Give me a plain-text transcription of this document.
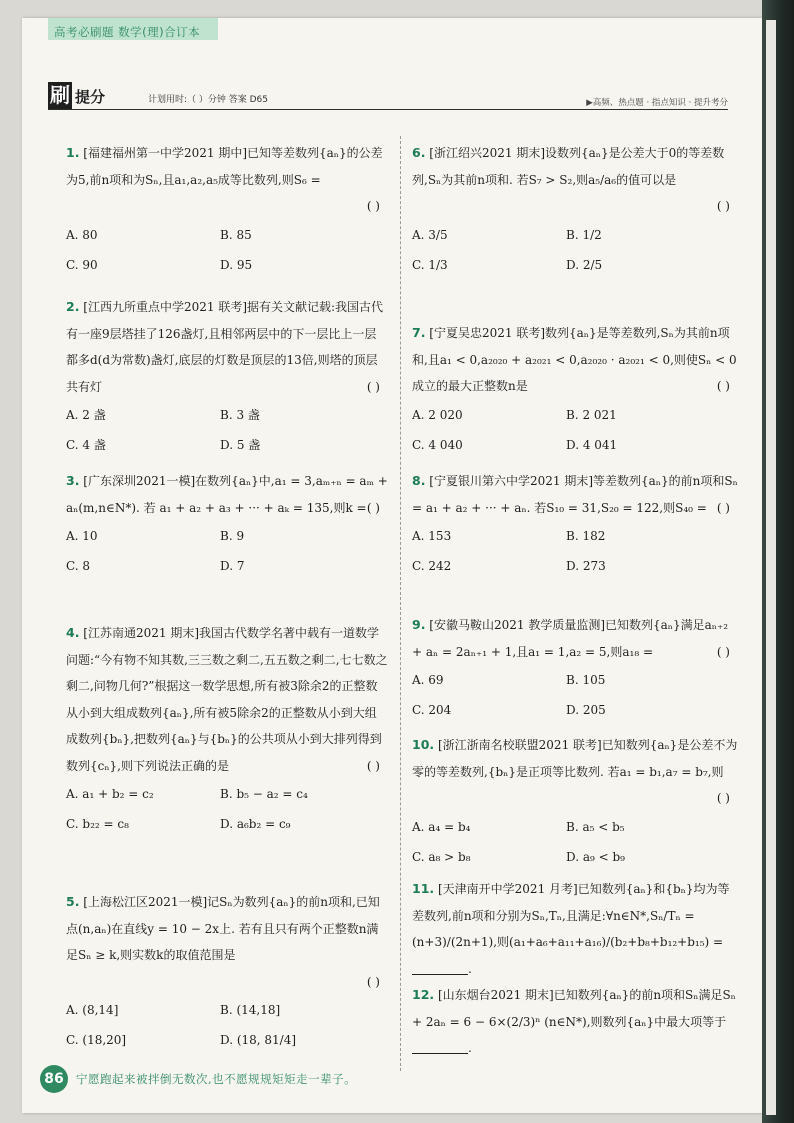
高考必刷题 数学(理)合订本
刷 提分	计划用时:（ ）分钟 答案 D65	▶高频、热点题 · 指点知识 · 提升考分
1. [福建福州第一中学2021 期中]已知等差数列{aₙ}的公差为5,前n项和为Sₙ,且a₁,a₂,a₅成等比数列,则S₆ =
( )
A. 80	B. 85
C. 90	D. 95
2. [江西九所重点中学2021 联考]据有关文献记载:我国古代有一座9层塔挂了126盏灯,且相邻两层中的下一层比上一层都多d(d为常数)盏灯,底层的灯数是顶层的13倍,则塔的顶层共有灯	( )
A. 2 盏	B. 3 盏
C. 4 盏	D. 5 盏
3. [广东深圳2021一模]在数列{aₙ}中,a₁ = 3,aₘ₊ₙ = aₘ + aₙ(m,n∈N*). 若 a₁ + a₂ + a₃ + ··· + aₖ = 135,则k = ( )
A. 10	B. 9
C. 8	D. 7
4. [江苏南通2021 期末]我国古代数学名著中载有一道数学问题:“今有物不知其数,三三数之剩二,五五数之剩二,七七数之剩二,问物几何?”根据这一数学思想,所有被3除余2的正整数从小到大组成数列{aₙ},所有被5除余2的正整数从小到大组成数列{bₙ},把数列{aₙ}与{bₙ}的公共项从小到大排列得到数列{cₙ},则下列说法正确的是	( )
A. a₁ + b₂ = c₂	B. b₅ − a₂ = c₄
C. b₂₂ = c₈	D. a₆b₂ = c₉
5. [上海松江区2021一模]记Sₙ为数列{aₙ}的前n项和,已知点(n,aₙ)在直线y = 10 − 2x上. 若有且只有两个正整数n满足Sₙ ≥ k,则实数k的取值范围是
( )
A. (8,14]	B. (14,18]
C. (18,20]	D. (18, 81/4]
6. [浙江绍兴2021 期末]设数列{aₙ}是公差大于0的等差数列,Sₙ为其前n项和. 若S₇ > S₂,则a₅/a₆的值可以是
( )
A. 3/5	B. 1/2
C. 1/3	D. 2/5
7. [宁夏吴忠2021 联考]数列{aₙ}是等差数列,Sₙ为其前n项和,且a₁ < 0,a₂₀₂₀ + a₂₀₂₁ < 0,a₂₀₂₀ · a₂₀₂₁ < 0,则使Sₙ < 0成立的最大正整数n是	( )
A. 2 020	B. 2 021
C. 4 040	D. 4 041
8. [宁夏银川第六中学2021 期末]等差数列{aₙ}的前n项和Sₙ = a₁ + a₂ + ··· + aₙ. 若S₁₀ = 31,S₂₀ = 122,则S₄₀ = ( )
A. 153	B. 182
C. 242	D. 273
9. [安徽马鞍山2021 教学质量监测]已知数列{aₙ}满足aₙ₊₂ + aₙ = 2aₙ₊₁ + 1,且a₁ = 1,a₂ = 5,则a₁₈ =	( )
A. 69	B. 105
C. 204	D. 205
10. [浙江浙南名校联盟2021 联考]已知数列{aₙ}是公差不为零的等差数列,{bₙ}是正项等比数列. 若a₁ = b₁,a₇ = b₇,则
( )
A. a₄ = b₄	B. a₅ < b₅
C. a₈ > b₈	D. a₉ < b₉
11. [天津南开中学2021 月考]已知数列{aₙ}和{bₙ}均为等差数列,前n项和分别为Sₙ,Tₙ,且满足:∀n∈N*,Sₙ/Tₙ = (n+3)/(2n+1),则(a₁+a₆+a₁₁+a₁₆)/(b₂+b₈+b₁₂+b₁₅) = .
12. [山东烟台2021 期末]已知数列{aₙ}的前n项和Sₙ满足Sₙ + 2aₙ = 6 − 6×(2/3)ⁿ (n∈N*),则数列{aₙ}中最大项等于 .
86	宁愿跑起来被拌倒无数次,也不愿规规矩矩走一辈子。
